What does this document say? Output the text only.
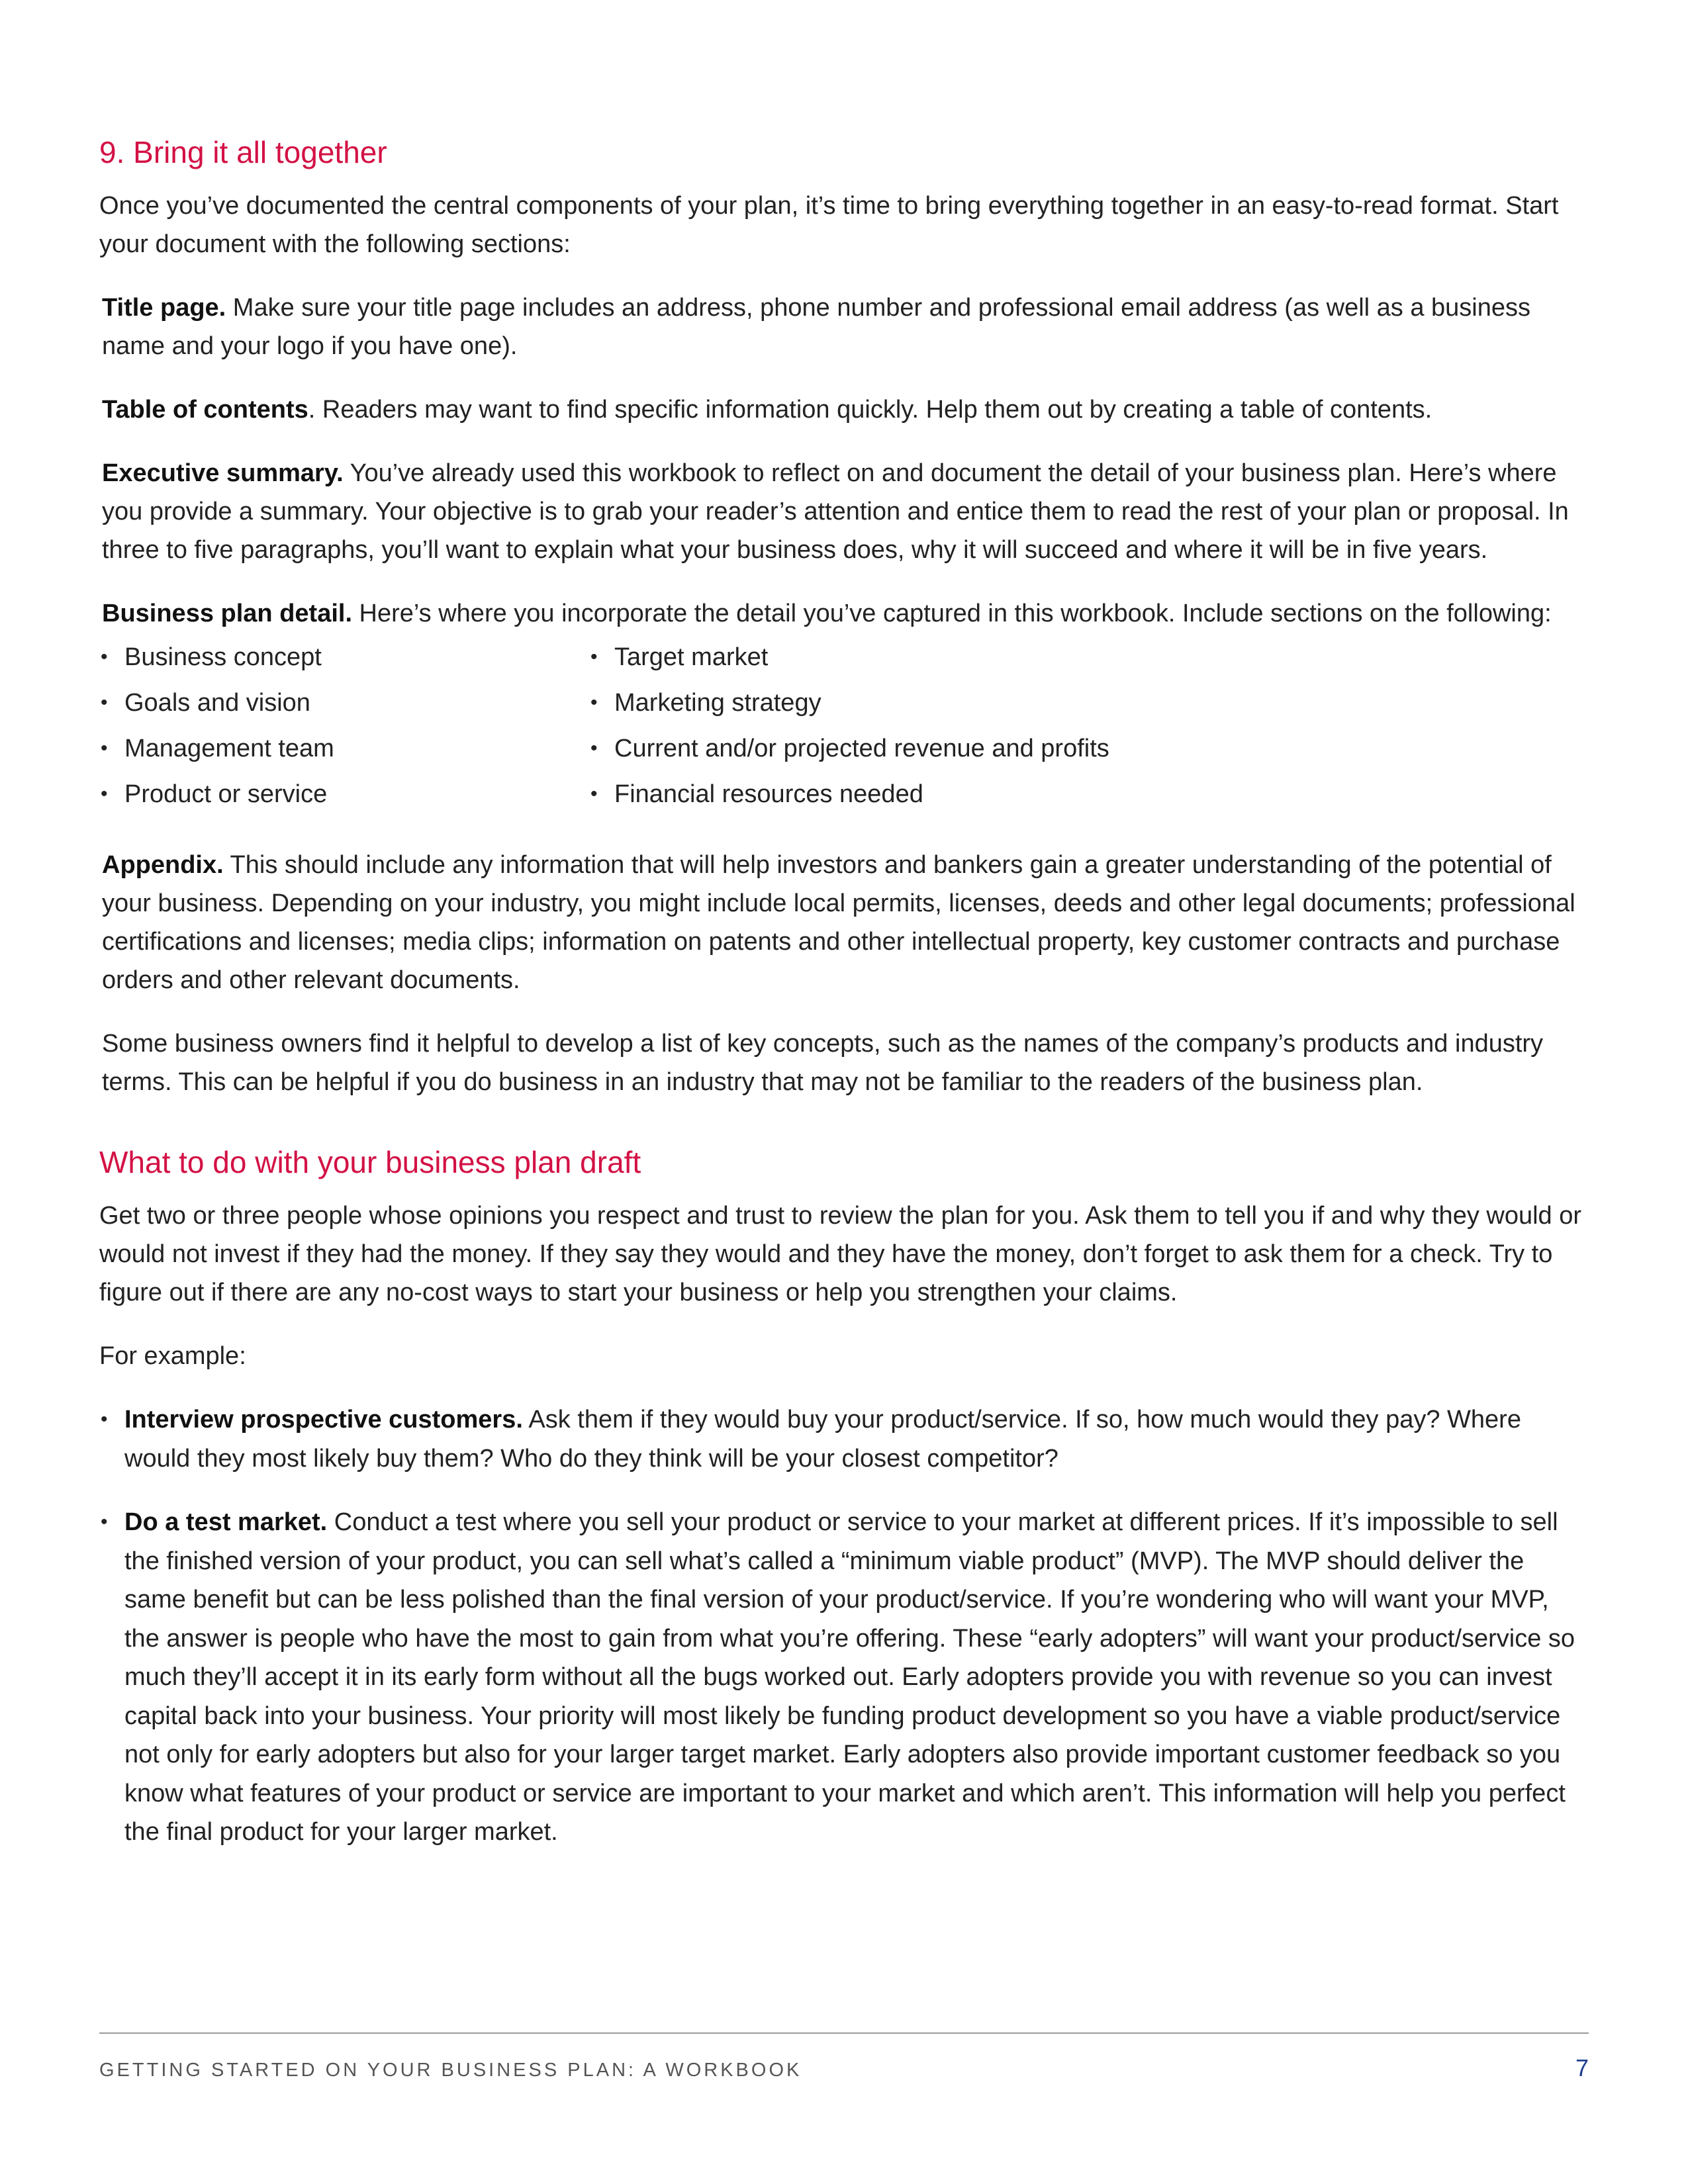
9. Bring it all together

Once you’ve documented the central components of your plan, it’s time to bring everything together in an easy-to-read format. Start your document with the following sections:

Title page. Make sure your title page includes an address, phone number and professional email address (as well as a business name and your logo if you have one).

Table of contents. Readers may want to find specific information quickly. Help them out by creating a table of contents.

Executive summary. You’ve already used this workbook to reflect on and document the detail of your business plan. Here’s where you provide a summary. Your objective is to grab your reader’s attention and entice them to read the rest of your plan or proposal. In three to five paragraphs, you’ll want to explain what your business does, why it will succeed and where it will be in five years.

Business plan detail. Here’s where you incorporate the detail you’ve captured in this workbook. Include sections on the following:

• Business concept
• Goals and vision
• Management team
• Product or service
• Target market
• Marketing strategy
• Current and/or projected revenue and profits
• Financial resources needed

Appendix. This should include any information that will help investors and bankers gain a greater understanding of the potential of your business. Depending on your industry, you might include local permits, licenses, deeds and other legal documents; professional certifications and licenses; media clips; information on patents and other intellectual property, key customer contracts and purchase orders and other relevant documents.

Some business owners find it helpful to develop a list of key concepts, such as the names of the company’s products and industry terms. This can be helpful if you do business in an industry that may not be familiar to the readers of the business plan.

What to do with your business plan draft

Get two or three people whose opinions you respect and trust to review the plan for you. Ask them to tell you if and why they would or would not invest if they had the money. If they say they would and they have the money, don’t forget to ask them for a check. Try to figure out if there are any no-cost ways to start your business or help you strengthen your claims.

For example:

• Interview prospective customers. Ask them if they would buy your product/service. If so, how much would they pay? Where would they most likely buy them? Who do they think will be your closest competitor?
• Do a test market. Conduct a test where you sell your product or service to your market at different prices. If it’s impossible to sell the finished version of your product, you can sell what’s called a “minimum viable product” (MVP). The MVP should deliver the same benefit but can be less polished than the final version of your product/service. If you’re wondering who will want your MVP, the answer is people who have the most to gain from what you’re offering. These “early adopters” will want your product/service so much they’ll accept it in its early form without all the bugs worked out. Early adopters provide you with revenue so you can invest capital back into your business. Your priority will most likely be funding product development so you have a viable product/service not only for early adopters but also for your larger target market. Early adopters also provide important customer feedback so you know what features of your product or service are important to your market and which aren’t. This information will help you perfect the final product for your larger market.
GETTING STARTED ON YOUR BUSINESS PLAN: A WORKBOOK	7
